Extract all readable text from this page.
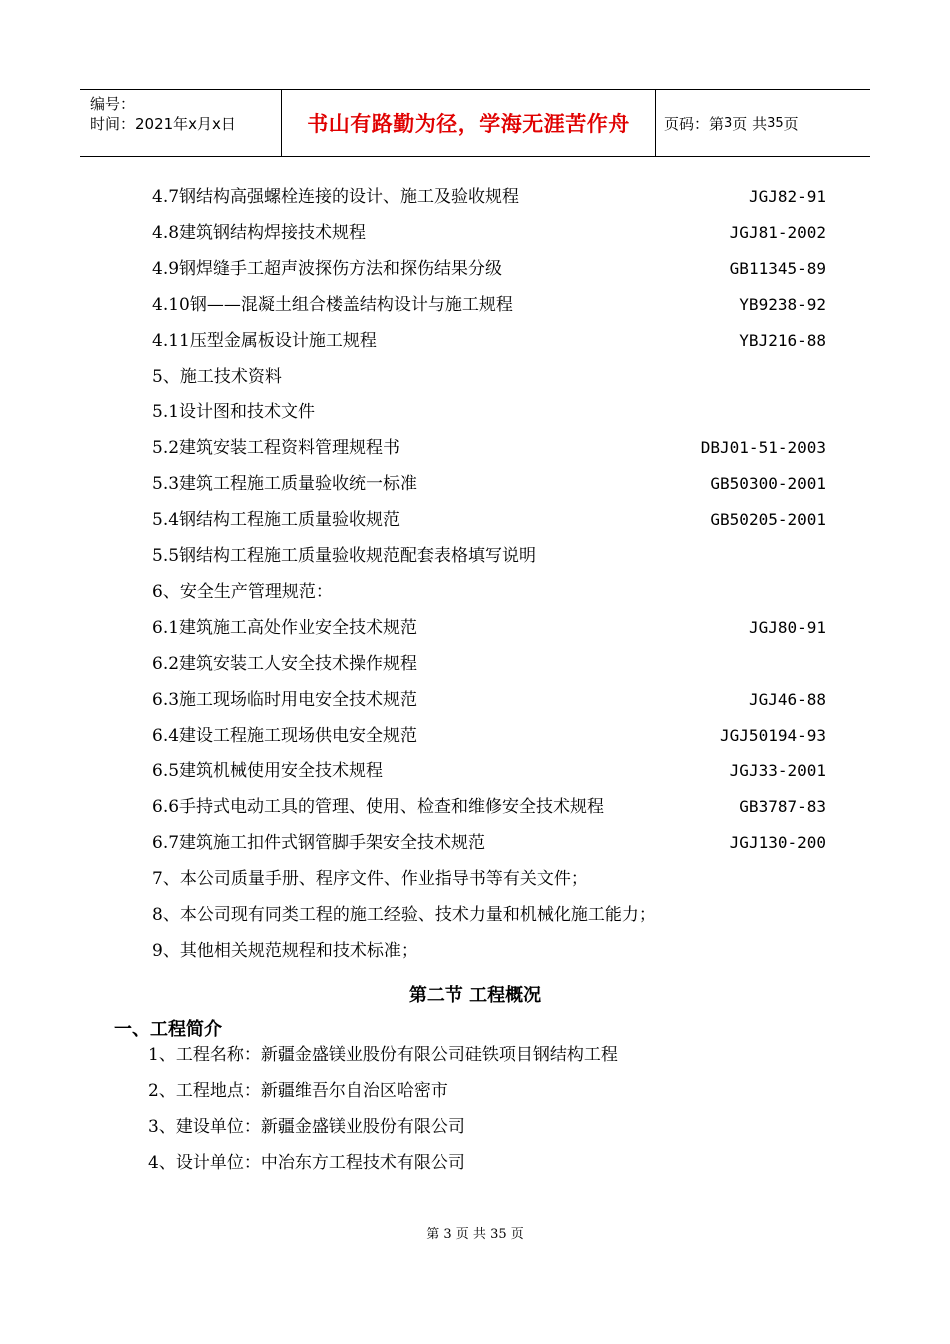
编号：
时间：2021年x月x日	书山有路勤为径，学海无涯苦作舟 页码：第 3 页 共 35 页
4.7钢结构高强螺栓连接的设计、施工及验收规程	JGJ82-91
4.8建筑钢结构焊接技术规程	JGJ81-2002
4.9钢焊缝手工超声波探伤方法和探伤结果分级	GB11345-89
4.10钢——混凝土组合楼盖结构设计与施工规程	YB9238-92
4.11压型金属板设计施工规程	YBJ216-88
5、施工技术资料
5.1设计图和技术文件
5.2建筑安装工程资料管理规程书	DBJ01-51-2003
5.3建筑工程施工质量验收统一标准	GB50300-2001
5.4钢结构工程施工质量验收规范	GB50205-2001
5.5钢结构工程施工质量验收规范配套表格填写说明
6、安全生产管理规范：
6.1建筑施工高处作业安全技术规范	JGJ80-91
6.2建筑安装工人安全技术操作规程
6.3施工现场临时用电安全技术规范	JGJ46-88
6.4建设工程施工现场供电安全规范	JGJ50194-93
6.5建筑机械使用安全技术规程	JGJ33-2001
6.6手持式电动工具的管理、使用、检查和维修安全技术规程	GB3787-83
6.7建筑施工扣件式钢管脚手架安全技术规范	JGJ130-200
7、本公司质量手册、程序文件、作业指导书等有关文件；
8、本公司现有同类工程的施工经验、技术力量和机械化施工能力；
9、其他相关规范规程和技术标准；
第二节 工程概况
一、工程简介
1、工程名称：新疆金盛镁业股份有限公司硅铁项目钢结构工程
2、工程地点：新疆维吾尔自治区哈密市
3、建设单位：新疆金盛镁业股份有限公司
4、设计单位：中冶东方工程技术有限公司
第 3 页 共 35 页
